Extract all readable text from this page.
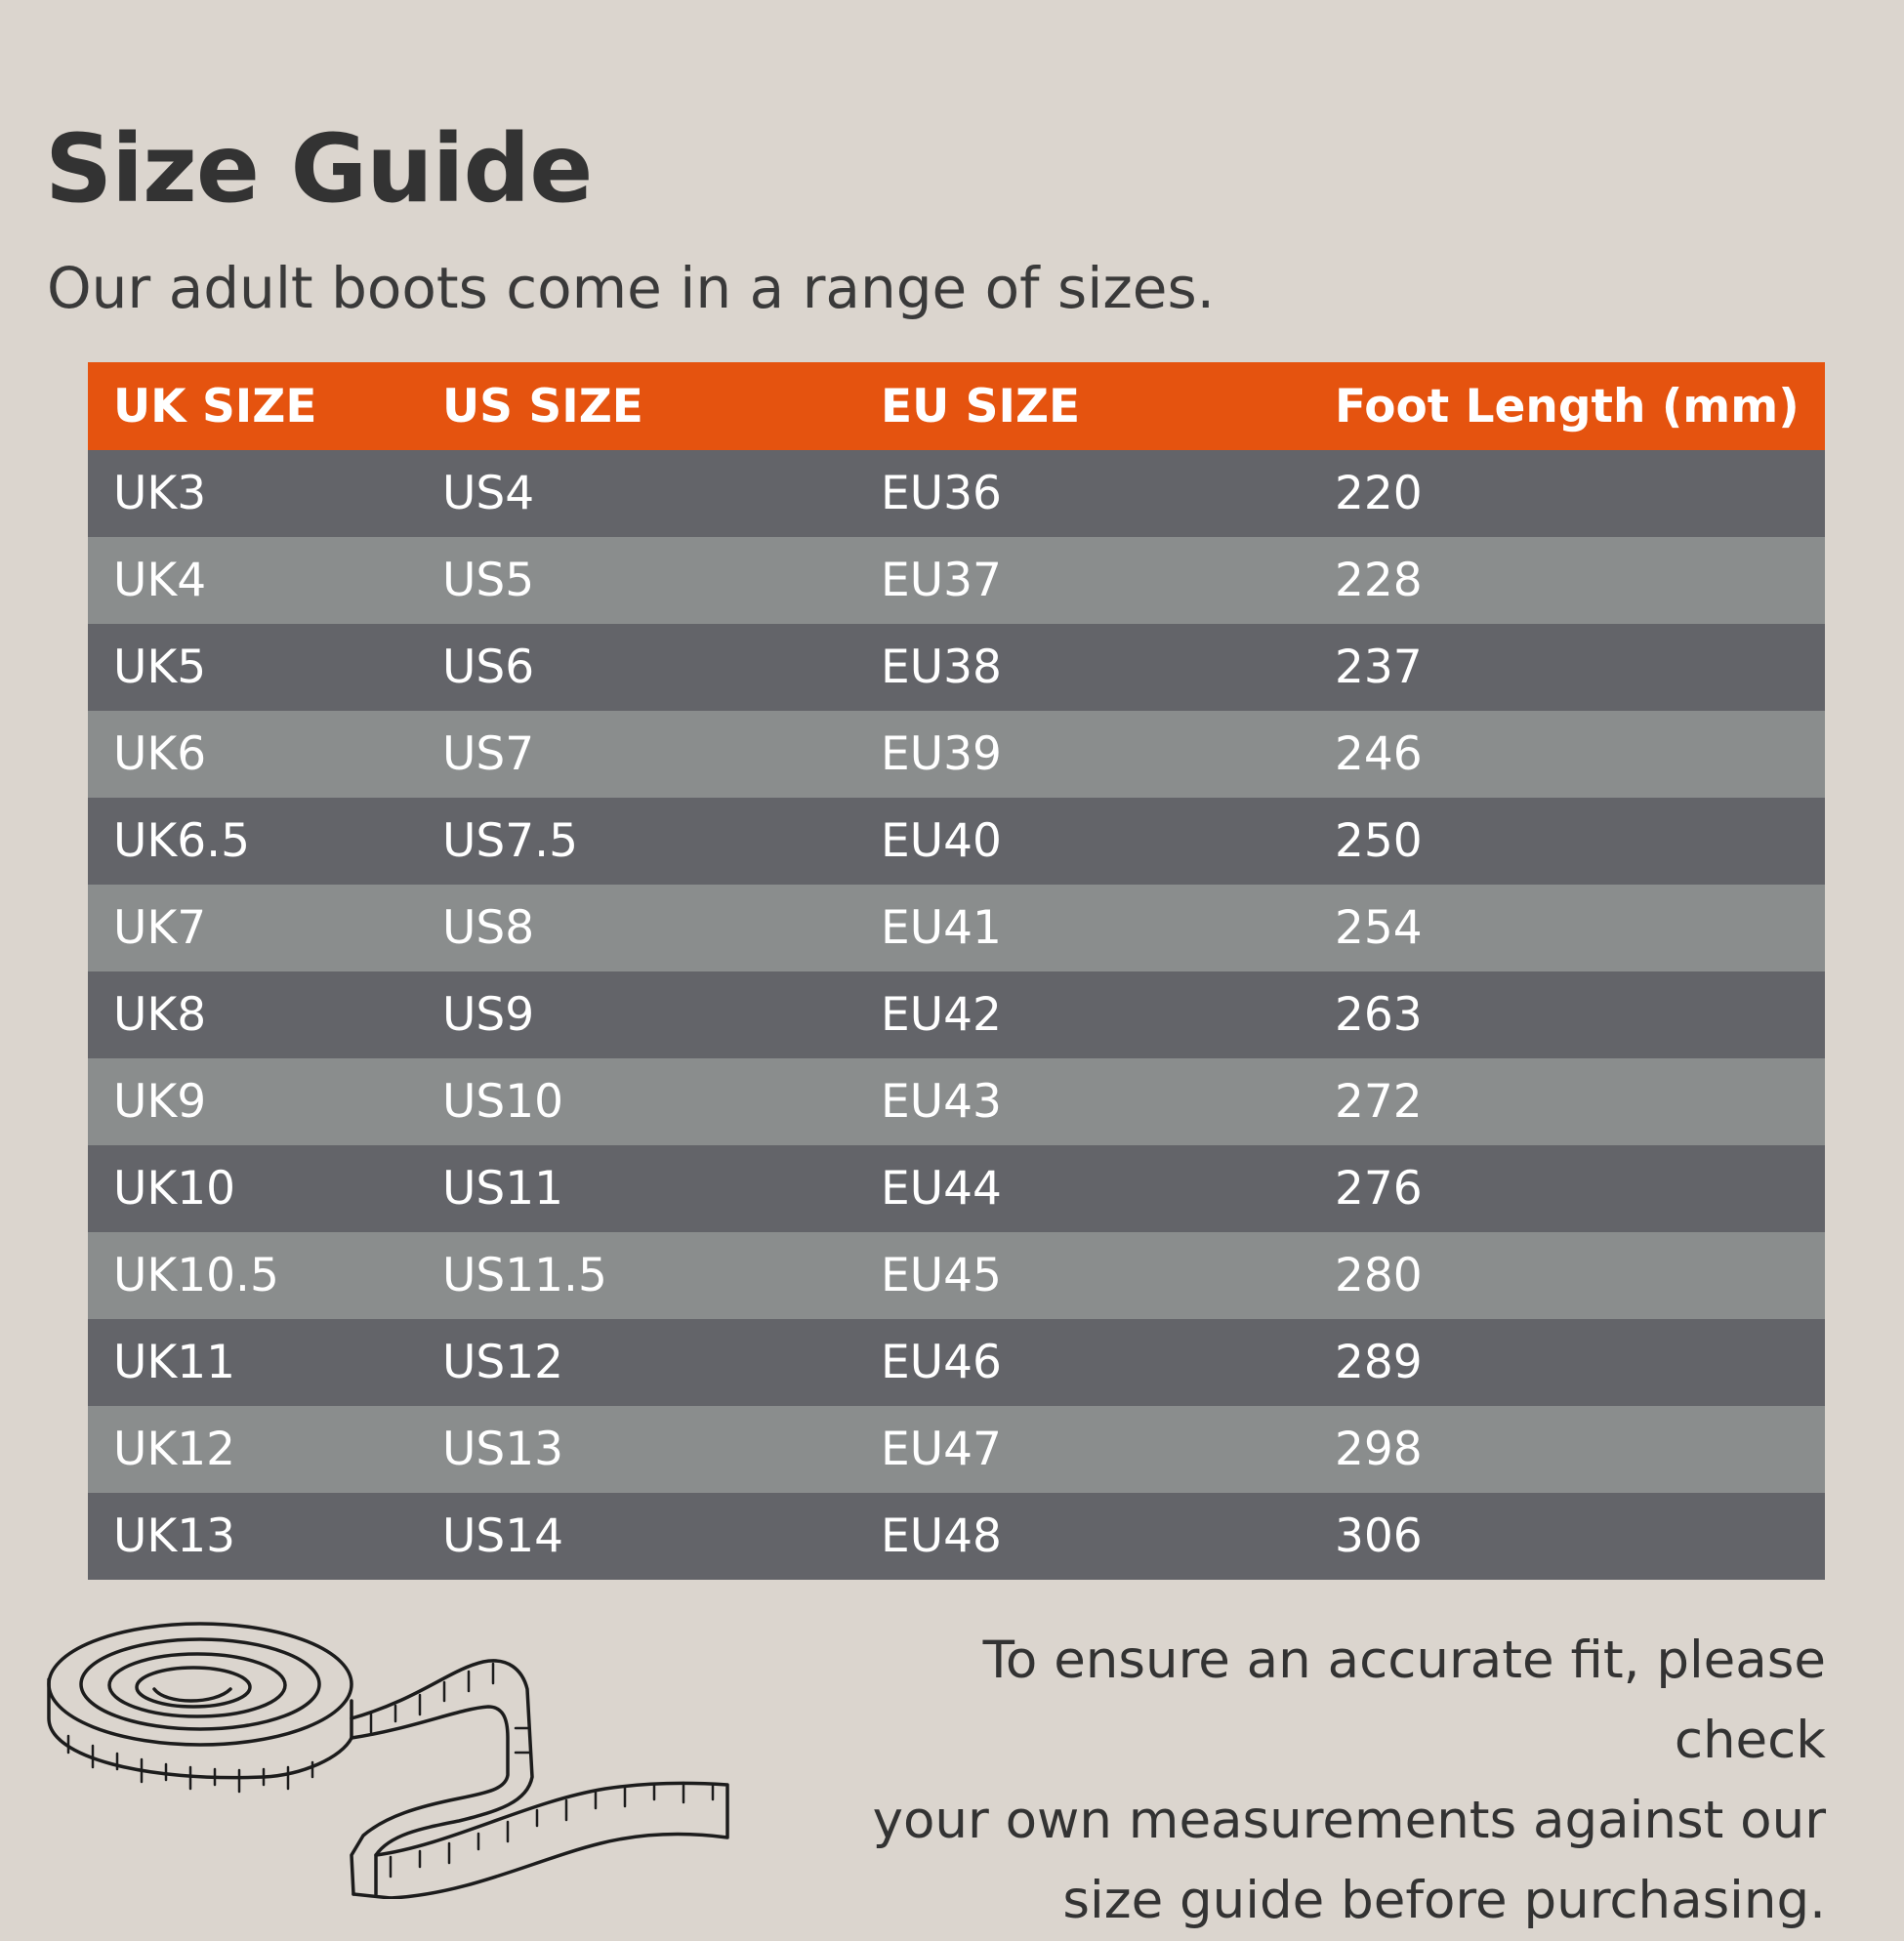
Size Guide

Our adult boots come in a range of sizes.

UK SIZE	US SIZE	EU SIZE	Foot Length (mm)
UK3	US4	EU36	220
UK4	US5	EU37	228
UK5	US6	EU38	237
UK6	US7	EU39	246
UK6.5	US7.5	EU40	250
UK7	US8	EU41	254
UK8	US9	EU42	263
UK9	US10	EU43	272
UK10	US11	EU44	276
UK10.5	US11.5	EU45	280
UK11	US12	EU46	289
UK12	US13	EU47	298
UK13	US14	EU48	306

To ensure an accurate fit, please check
your own measurements against our
size guide before purchasing.
